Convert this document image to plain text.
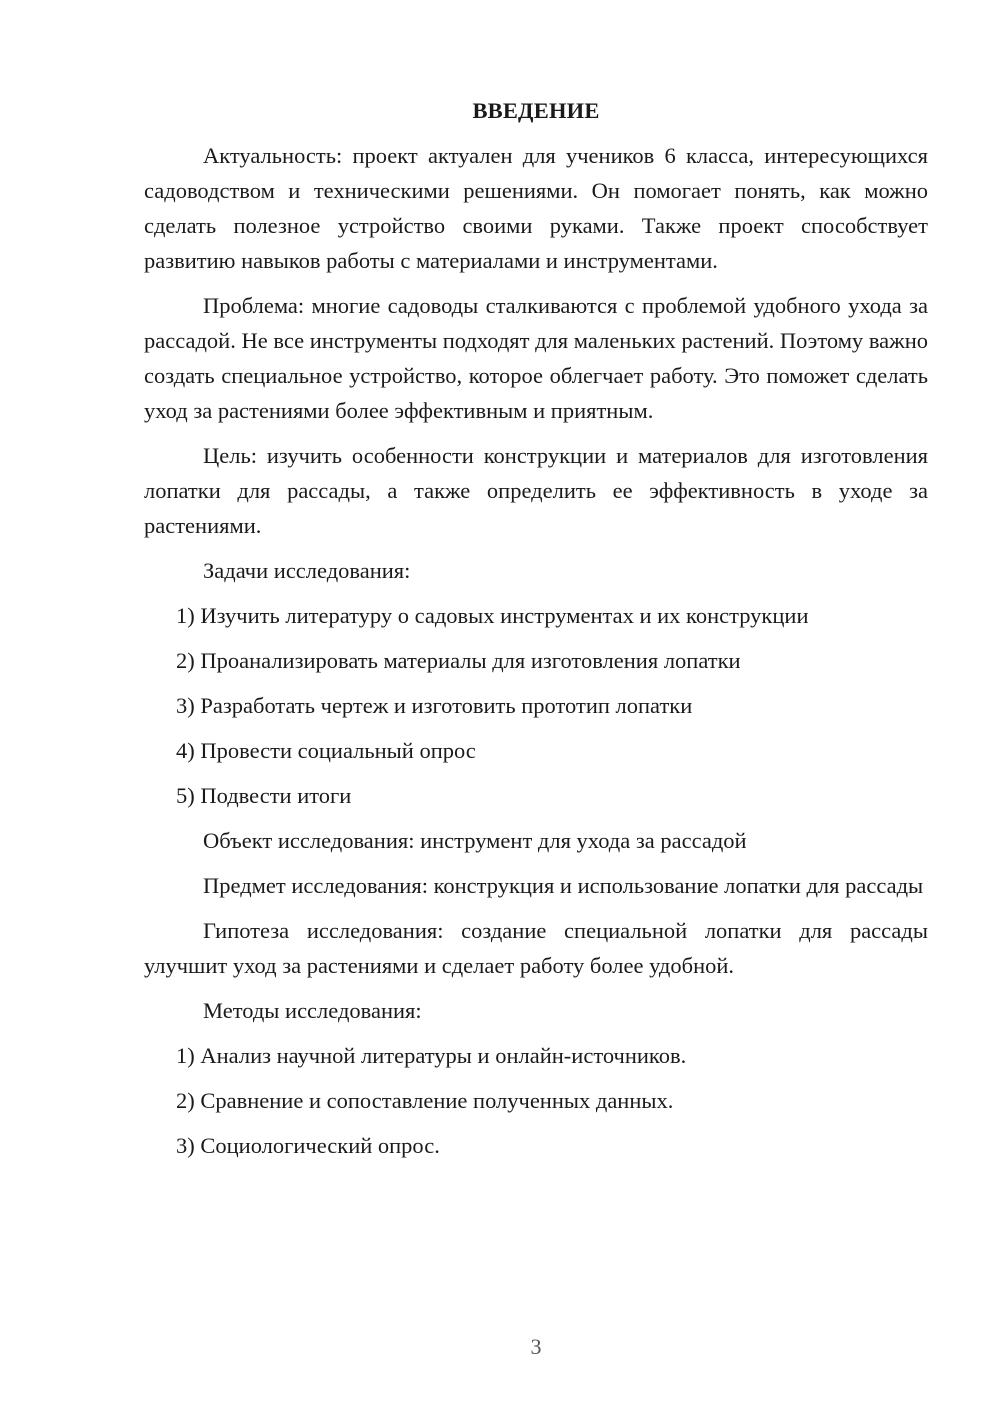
ВВЕДЕНИЕ

Актуальность: проект актуален для учеников 6 класса, интересующихся садоводством и техническими решениями. Он помогает понять, как можно сделать полезное устройство своими руками. Также проект способствует развитию навыков работы с материалами и инструментами.

Проблема: многие садоводы сталкиваются с проблемой удобного ухода за рассадой. Не все инструменты подходят для маленьких растений. Поэтому важно создать специальное устройство, которое облегчает работу. Это поможет сделать уход за растениями более эффективным и приятным.

Цель: изучить особенности конструкции и материалов для изготовления лопатки для рассады, а также определить ее эффективность в уходе за растениями.

Задачи исследования:

1) Изучить литературу о садовых инструментах и их конструкции
2) Проанализировать материалы для изготовления лопатки
3) Разработать чертеж и изготовить прототип лопатки
4) Провести социальный опрос
5) Подвести итоги

Объект исследования: инструмент для ухода за рассадой

Предмет исследования: конструкция и использование лопатки для рассады

Гипотеза исследования: создание специальной лопатки для рассады улучшит уход за растениями и сделает работу более удобной.

Методы исследования:

1) Анализ научной литературы и онлайн-источников.
2) Сравнение и сопоставление полученных данных.
3) Социологический опрос.
3
